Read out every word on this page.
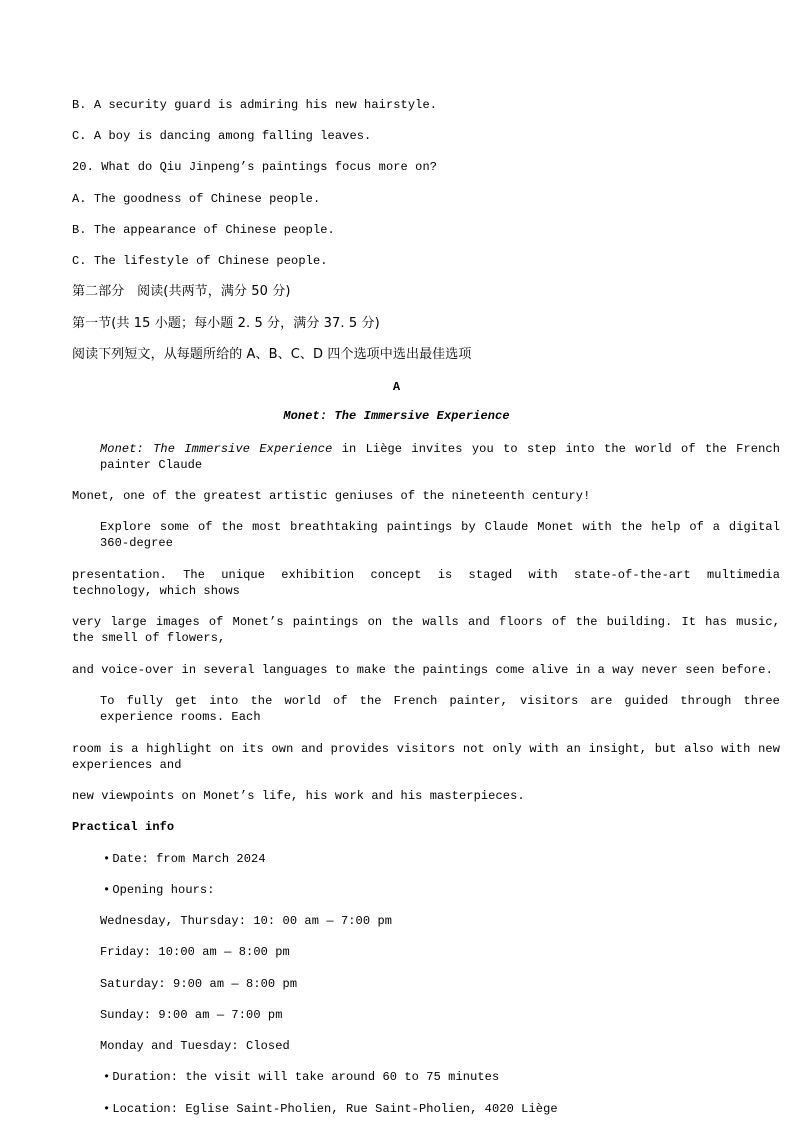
B. A security guard is admiring his new hairstyle.
C. A boy is dancing among falling leaves.
20. What do Qiu Jinpeng’s paintings focus more on?
A. The goodness of Chinese people.
B. The appearance of Chinese people.
C. The lifestyle of Chinese people.
第二部分   阅读(共两节，满分 50 分)
第一节(共 15 小题；每小题 2. 5 分，满分 37. 5 分)
阅读下列短文，从每题所给的 A、B、C、D 四个选项中选出最佳选项
A
Monet: The Immersive Experience
Monet: The Immersive Experience in Liège invites you to step into the world of the French painter Claude
Monet, one of the greatest artistic geniuses of the nineteenth century!
Explore some of the most breathtaking paintings by Claude Monet with the help of a digital 360-degree
presentation. The unique exhibition concept is staged with state-of-the-art multimedia technology, which shows
very large images of Monet’s paintings on the walls and floors of the building. It has music, the smell of flowers,
and voice-over in several languages to make the paintings come alive in a way never seen before.
To fully get into the world of the French painter, visitors are guided through three experience rooms. Each
room is a highlight on its own and provides visitors not only with an insight, but also with new experiences and
new viewpoints on Monet’s life, his work and his masterpieces.
Practical info
• Date: from March 2024
• Opening hours:
Wednesday, Thursday: 10: 00 am — 7:00 pm
Friday: 10:00 am — 8:00 pm
Saturday: 9:00 am — 8:00 pm
Sunday: 9:00 am — 7:00 pm
Monday and Tuesday: Closed
• Duration: the visit will take around 60 to 75 minutes
• Location: Eglise Saint-Pholien, Rue Saint-Pholien, 4020 Liège
